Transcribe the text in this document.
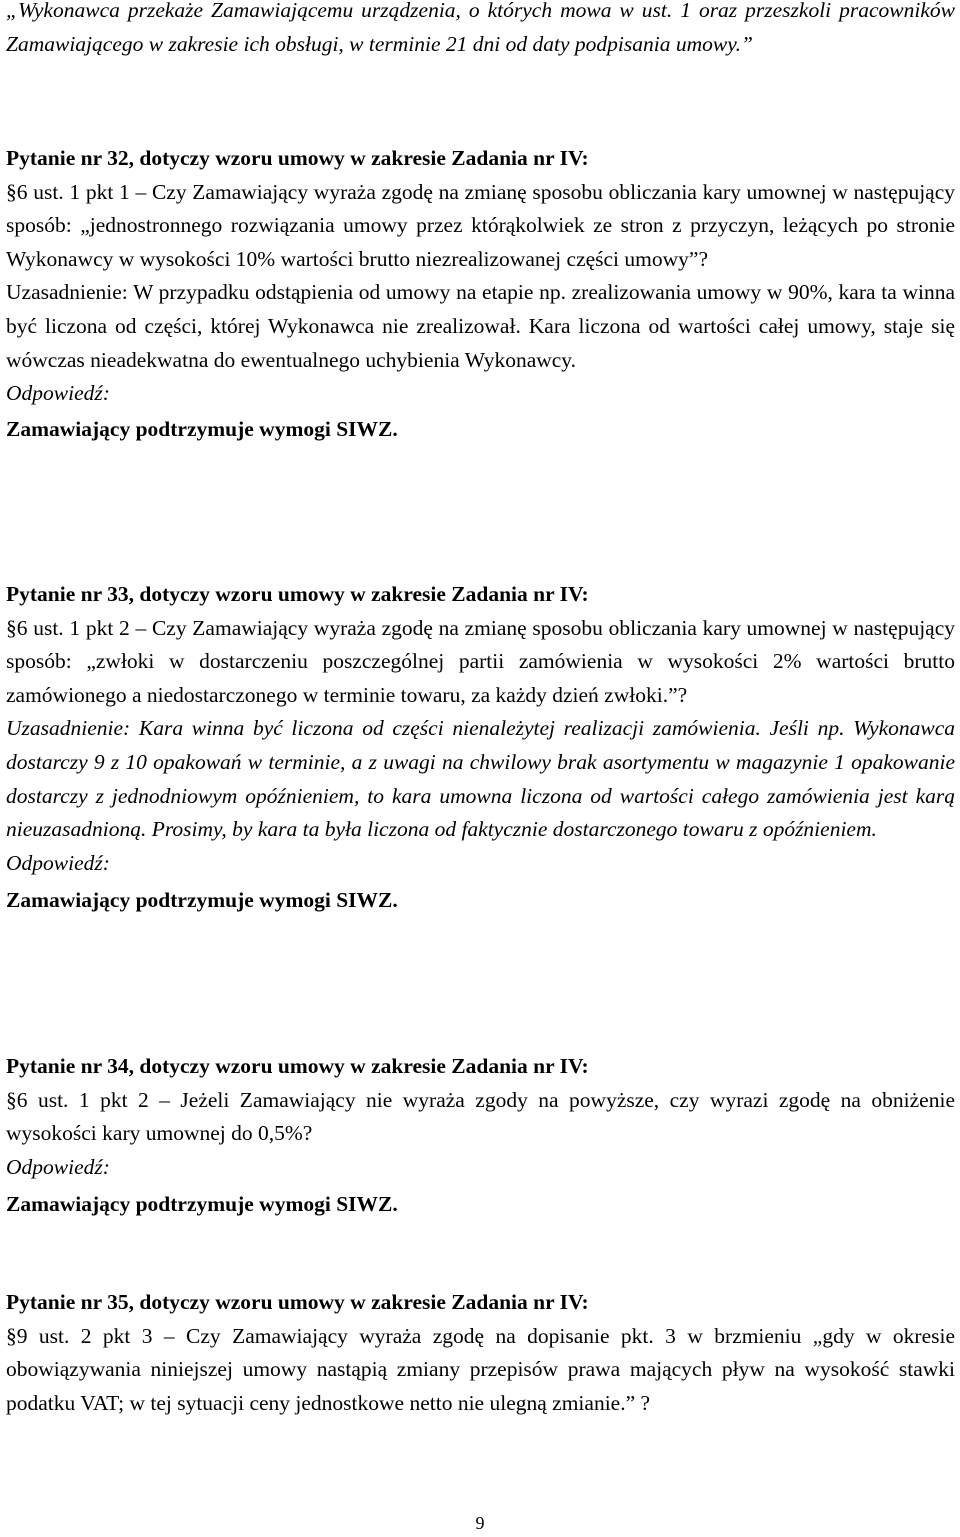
„Wykonawca przekaże Zamawiającemu urządzenia, o których mowa w ust. 1 oraz przeszkoli pracowników Zamawiającego w zakresie ich obsługi, w terminie 21 dni od daty podpisania umowy.”

Pytanie nr 32, dotyczy wzoru umowy w zakresie Zadania nr IV:

§6 ust. 1 pkt 1 – Czy Zamawiający wyraża zgodę na zmianę sposobu obliczania kary umownej w następujący sposób: „jednostronnego rozwiązania umowy przez którąkolwiek ze stron z przyczyn, leżących po stronie Wykonawcy w wysokości 10% wartości brutto niezrealizowanej części umowy”?

Uzasadnienie: W przypadku odstąpienia od umowy na etapie np. zrealizowania umowy w 90%, kara ta winna być liczona od części, której Wykonawca nie zrealizował. Kara liczona od wartości całej umowy, staje się wówczas nieadekwatna do ewentualnego uchybienia Wykonawcy.

Odpowiedź:

Zamawiający podtrzymuje wymogi SIWZ.

Pytanie nr 33, dotyczy wzoru umowy w zakresie Zadania nr IV:

§6 ust. 1 pkt 2 – Czy Zamawiający wyraża zgodę na zmianę sposobu obliczania kary umownej w następujący sposób: „zwłoki w dostarczeniu poszczególnej partii zamówienia w wysokości 2% wartości brutto zamówionego a niedostarczonego w terminie towaru, za każdy dzień zwłoki.”?

Uzasadnienie: Kara winna być liczona od części nienależytej realizacji zamówienia. Jeśli np. Wykonawca dostarczy 9 z 10 opakowań w terminie, a z uwagi na chwilowy brak asortymentu w magazynie 1 opakowanie dostarczy z jednodniowym opóźnieniem, to kara umowna liczona od wartości całego zamówienia jest karą nieuzasadnioną. Prosimy, by kara ta była liczona od faktycznie dostarczonego towaru z opóźnieniem.

Odpowiedź:

Zamawiający podtrzymuje wymogi SIWZ.

Pytanie nr 34, dotyczy wzoru umowy w zakresie Zadania nr IV:

§6 ust. 1 pkt 2 – Jeżeli Zamawiający nie wyraża zgody na powyższe, czy wyrazi zgodę na obniżenie wysokości kary umownej do 0,5%?

Odpowiedź:

Zamawiający podtrzymuje wymogi SIWZ.

Pytanie nr 35, dotyczy wzoru umowy w zakresie Zadania nr IV:

§9 ust. 2 pkt 3 – Czy Zamawiający wyraża zgodę na dopisanie pkt. 3 w brzmieniu „gdy w okresie obowiązywania niniejszej umowy nastąpią zmiany przepisów prawa mających pływ na wysokość stawki podatku VAT; w tej sytuacji ceny jednostkowe netto nie ulegną zmianie.” ?

9
